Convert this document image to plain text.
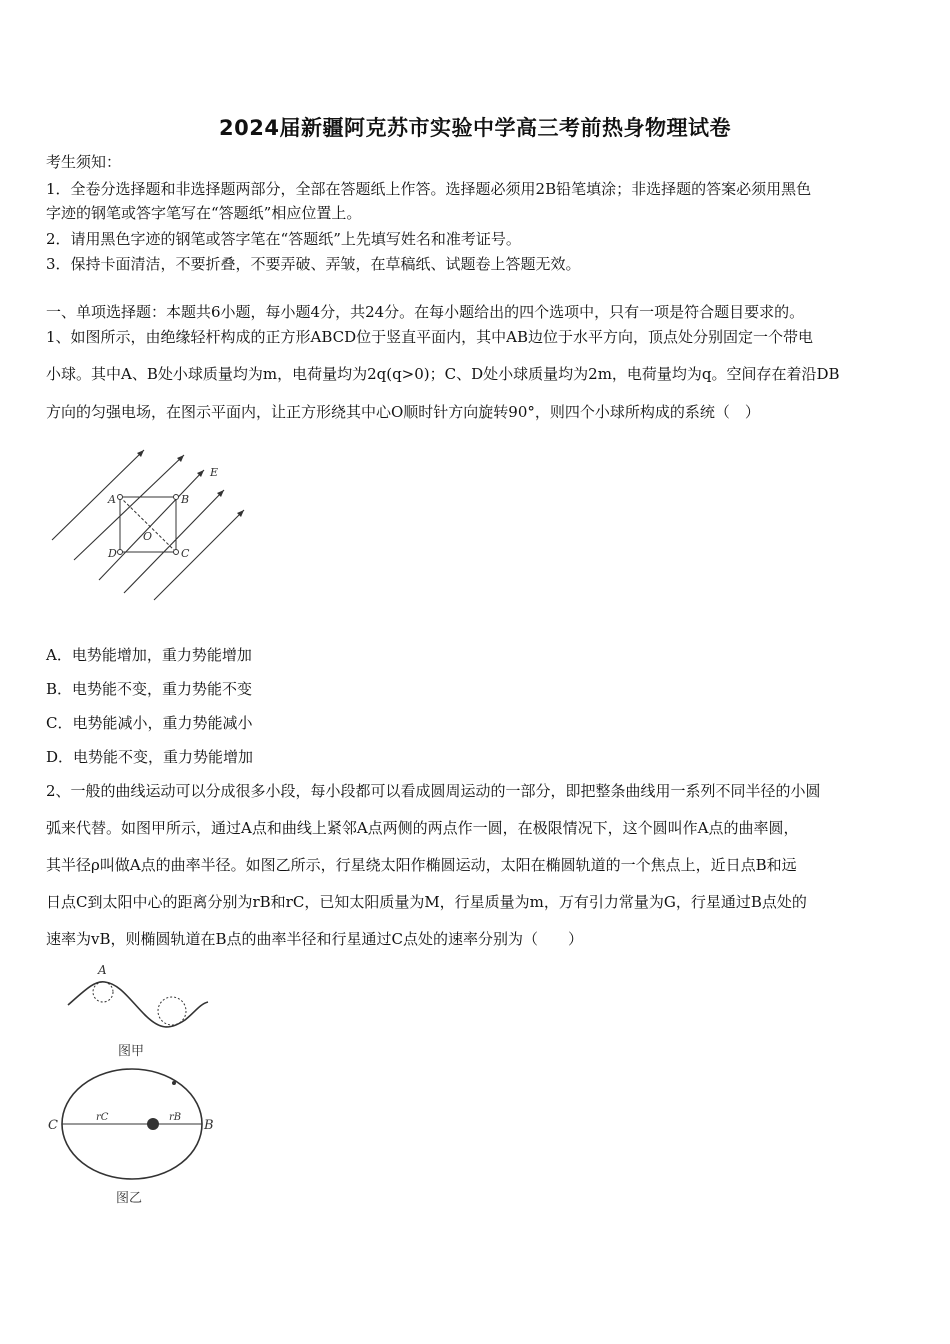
2024届新疆阿克苏市实验中学高三考前热身物理试卷
考生须知：
1．全卷分选择题和非选择题两部分，全部在答题纸上作答。选择题必须用2B铅笔填涂；非选择题的答案必须用黑色
字迹的钢笔或答字笔写在“答题纸”相应位置上。
2．请用黑色字迹的钢笔或答字笔在“答题纸”上先填写姓名和准考证号。
3．保持卡面清洁，不要折叠，不要弄破、弄皱，在草稿纸、试题卷上答题无效。
一、单项选择题：本题共6小题，每小题4分，共24分。在每小题给出的四个选项中，只有一项是符合题目要求的。
1、如图所示，由绝缘轻杆构成的正方形ABCD位于竖直平面内，其中AB边位于水平方向，顶点处分别固定一个带电
小球。其中A、B处小球质量均为m，电荷量均为2q(q>0)；C、D处小球质量均为2m，电荷量均为q。空间存在着沿DB
方向的匀强电场，在图示平面内，让正方形绕其中心O顺时针方向旋转90°，则四个小球所构成的系统（　）
A	B
C
D
O
E
A．电势能增加，重力势能增加
B．电势能不变，重力势能不变
C．电势能减小，重力势能减小
D．电势能不变，重力势能增加
2、一般的曲线运动可以分成很多小段，每小段都可以看成圆周运动的一部分，即把整条曲线用一系列不同半径的小圆
弧来代替。如图甲所示，通过A点和曲线上紧邻A点两侧的两点作一圆，在极限情况下，这个圆叫作A点的曲率圆，
其半径ρ叫做A点的曲率半径。如图乙所示，行星绕太阳作椭圆运动，太阳在椭圆轨道的一个焦点上，近日点B和远
日点C到太阳中心的距离分别为rB和rC，已知太阳质量为M，行星质量为m，万有引力常量为G，行星通过B点处的
速率为vB，则椭圆轨道在B点的曲率半径和行星通过C点处的速率分别为（　　）
A
图甲
C	B
rC	rB
图乙
